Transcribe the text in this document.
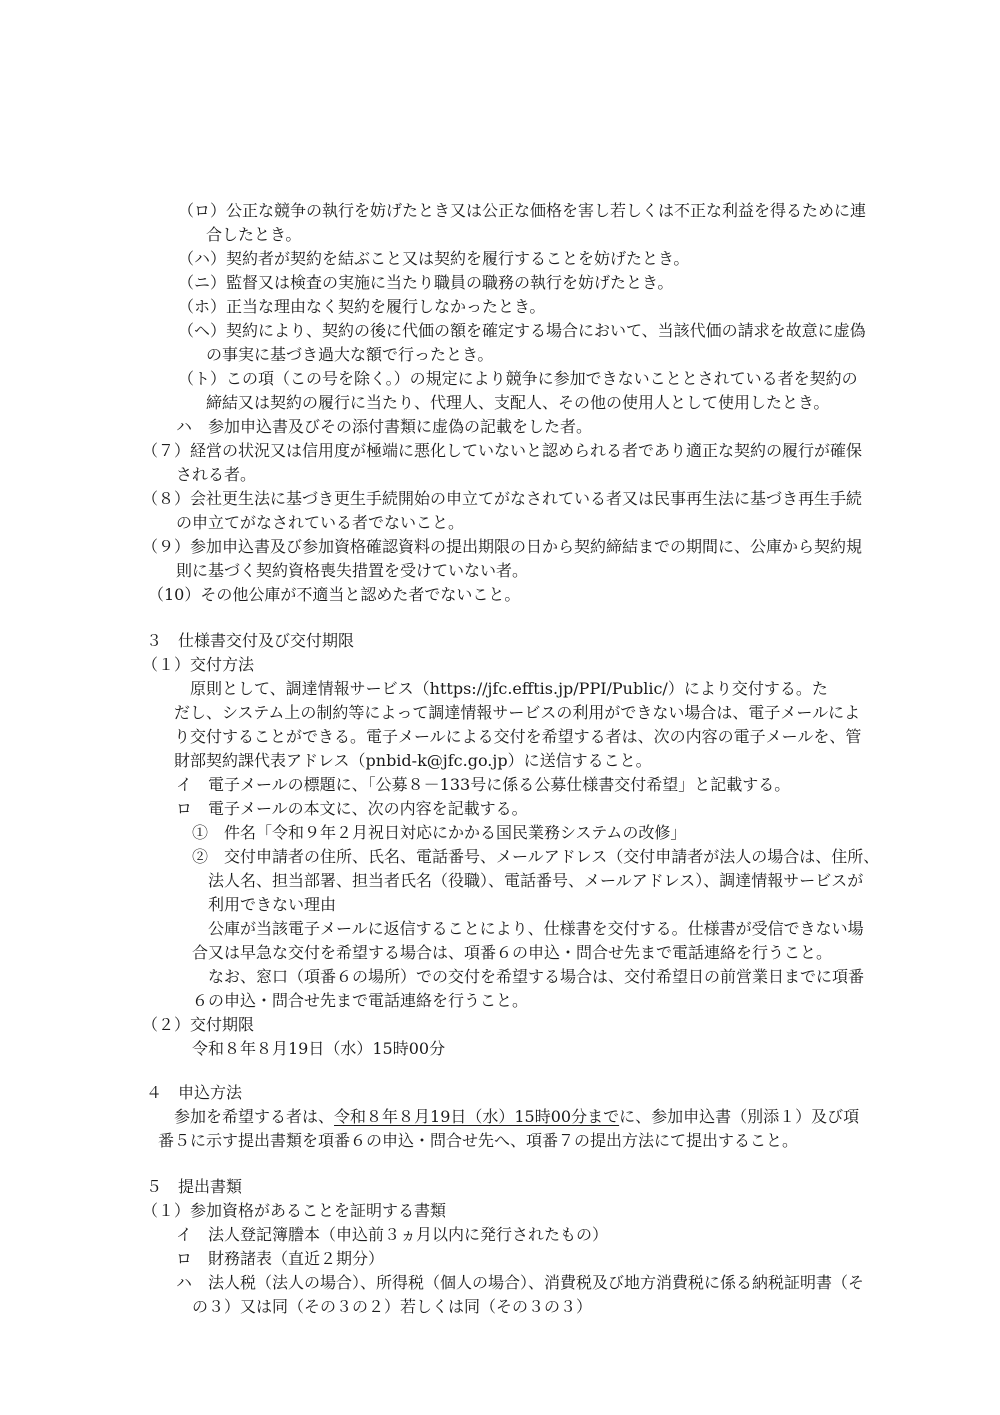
（ロ）公正な競争の執行を妨げたとき又は公正な価格を害し若しくは不正な利益を得るために連
合したとき。
（ハ）契約者が契約を結ぶこと又は契約を履行することを妨げたとき。
（ニ）監督又は検査の実施に当たり職員の職務の執行を妨げたとき。
（ホ）正当な理由なく契約を履行しなかったとき。
（ヘ）契約により、契約の後に代価の額を確定する場合において、当該代価の請求を故意に虚偽
の事実に基づき過大な額で行ったとき。
（ト）この項（この号を除く。）の規定により競争に参加できないこととされている者を契約の
締結又は契約の履行に当たり、代理人、支配人、その他の使用人として使用したとき。
ハ　参加申込書及びその添付書類に虚偽の記載をした者。
（７）経営の状況又は信用度が極端に悪化していないと認められる者であり適正な契約の履行が確保
される者。
（８）会社更生法に基づき更生手続開始の申立てがなされている者又は民事再生法に基づき再生手続
の申立てがなされている者でないこと。
（９）参加申込書及び参加資格確認資料の提出期限の日から契約締結までの期間に、公庫から契約規
則に基づく契約資格喪失措置を受けていない者。
（10）その他公庫が不適当と認めた者でないこと。
３　仕様書交付及び交付期限
（１）交付方法
原則として、調達情報サービス（https://jfc.efftis.jp/PPI/Public/）により交付する。た
だし、システム上の制約等によって調達情報サービスの利用ができない場合は、電子メールによ
り交付することができる。電子メールによる交付を希望する者は、次の内容の電子メールを、管
財部契約課代表アドレス（pnbid-k@jfc.go.jp）に送信すること。
イ　電子メールの標題に、「公募８－133号に係る公募仕様書交付希望」と記載する。
ロ　電子メールの本文に、次の内容を記載する。
①　件名「令和９年２月祝日対応にかかる国民業務システムの改修」
②　交付申請者の住所、氏名、電話番号、メールアドレス（交付申請者が法人の場合は、住所、
法人名、担当部署、担当者氏名（役職）、電話番号、メールアドレス）、調達情報サービスが
利用できない理由
公庫が当該電子メールに返信することにより、仕様書を交付する。仕様書が受信できない場
合又は早急な交付を希望する場合は、項番６の申込・問合せ先まで電話連絡を行うこと。
なお、窓口（項番６の場所）での交付を希望する場合は、交付希望日の前営業日までに項番
６の申込・問合せ先まで電話連絡を行うこと。
（２）交付期限
令和８年８月19日（水）15時00分
４　申込方法
参加を希望する者は、令和８年８月19日（水）15時00分までに、参加申込書（別添１）及び項
番５に示す提出書類を項番６の申込・問合せ先へ、項番７の提出方法にて提出すること。
５　提出書類
（１）参加資格があることを証明する書類
イ　法人登記簿謄本（申込前３ヵ月以内に発行されたもの）
ロ　財務諸表（直近２期分）
ハ　法人税（法人の場合）、所得税（個人の場合）、消費税及び地方消費税に係る納税証明書（そ
の３）又は同（その３の２）若しくは同（その３の３）
